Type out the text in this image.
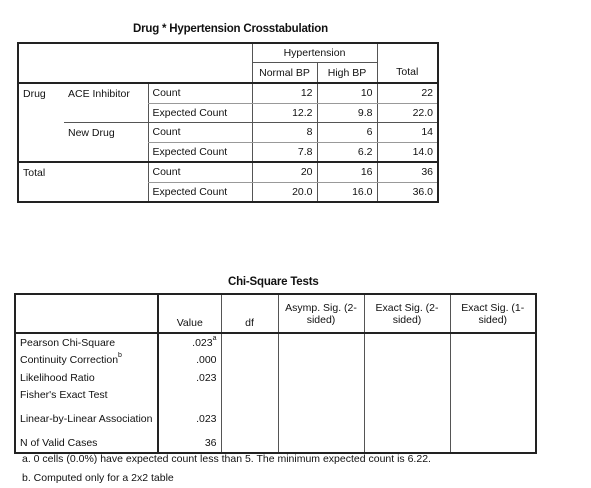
Drug * Hypertension Crosstabulation
			Hypertension		
			Normal BP	High BP	Total
Drug	ACE Inhibitor	Count	12	10	22
		Expected Count	12.2	9.8	22.0
	New Drug	Count	8	6	14
		Expected Count	7.8	6.2	14.0
Total		Count	20	16	36
		Expected Count	20.0	16.0	36.0
Chi-Square Tests
	Value	df	Asymp. Sig. (2-sided)	Exact Sig. (2-sided)	Exact Sig. (1-sided)
Pearson Chi-Square	.023$^a$				
Continuity Correction$^b$	.000				
Likelihood Ratio	.023				
Fisher's Exact Test					
Linear-by-Linear Association	.023				
N of Valid Cases	36				
a. 0 cells (0.0%) have expected count less than 5. The minimum expected count is 6.22.
b. Computed only for a 2x2 table
